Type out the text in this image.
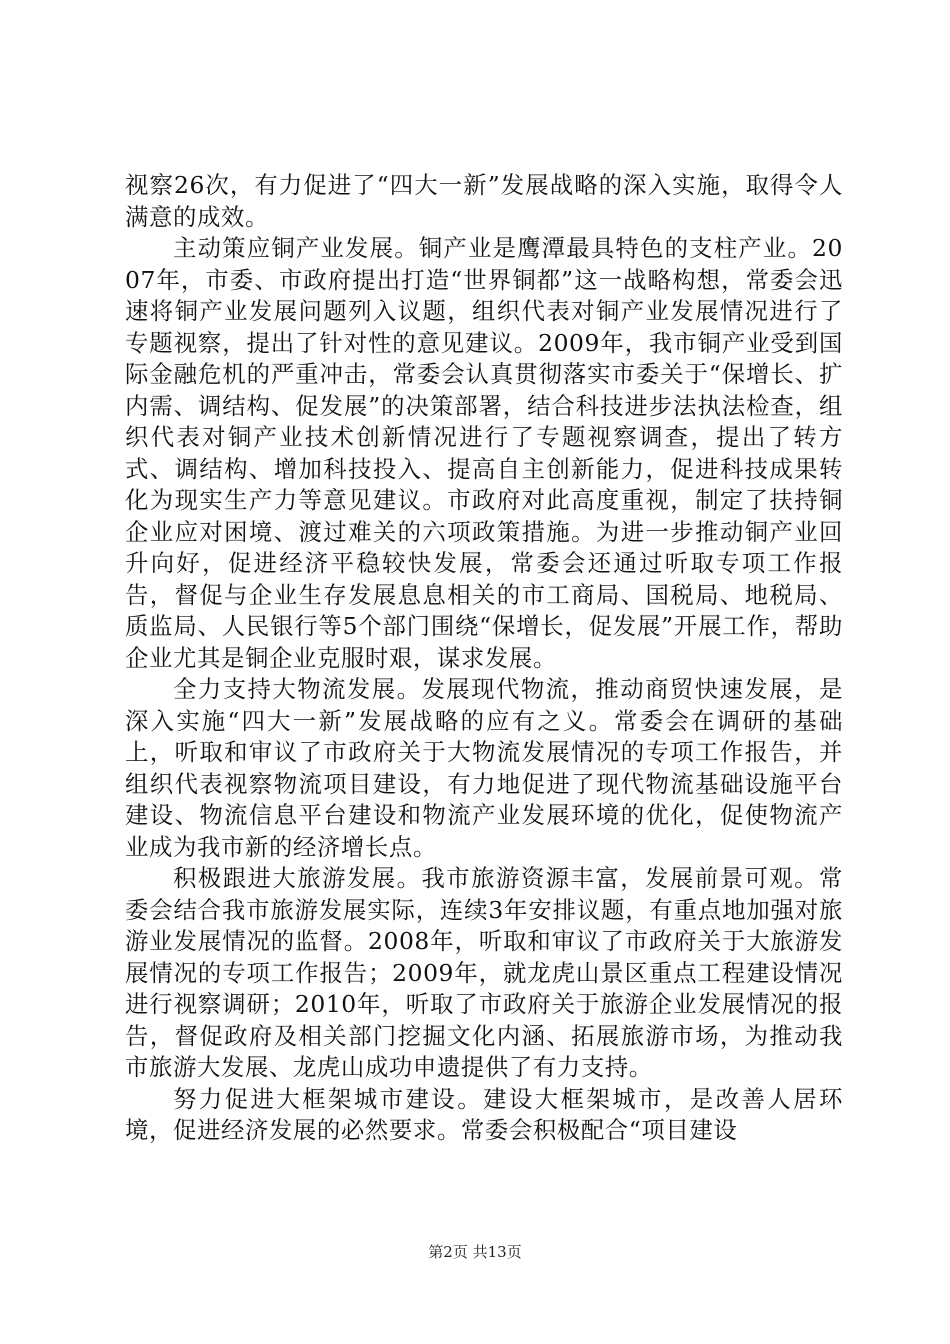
视察26次，有力促进了“四大一新”发展战略的深入实施，取得令人满意的成效。

主动策应铜产业发展。铜产业是鹰潭最具特色的支柱产业。2007年，市委、市政府提出打造“世界铜都”这一战略构想，常委会迅速将铜产业发展问题列入议题，组织代表对铜产业发展情况进行了专题视察，提出了针对性的意见建议。2009年，我市铜产业受到国际金融危机的严重冲击，常委会认真贯彻落实市委关于“保增长、扩内需、调结构、促发展”的决策部署，结合科技进步法执法检查，组织代表对铜产业技术创新情况进行了专题视察调查，提出了转方式、调结构、增加科技投入、提高自主创新能力，促进科技成果转化为现实生产力等意见建议。市政府对此高度重视，制定了扶持铜企业应对困境、渡过难关的六项政策措施。为进一步推动铜产业回升向好，促进经济平稳较快发展，常委会还通过听取专项工作报告，督促与企业生存发展息息相关的市工商局、国税局、地税局、质监局、人民银行等5个部门围绕“保增长，促发展”开展工作，帮助企业尤其是铜企业克服时艰，谋求发展。

全力支持大物流发展。发展现代物流，推动商贸快速发展，是深入实施“四大一新”发展战略的应有之义。常委会在调研的基础上，听取和审议了市政府关于大物流发展情况的专项工作报告，并组织代表视察物流项目建设，有力地促进了现代物流基础设施平台建设、物流信息平台建设和物流产业发展环境的优化，促使物流产业成为我市新的经济增长点。

积极跟进大旅游发展。我市旅游资源丰富，发展前景可观。常委会结合我市旅游发展实际，连续3年安排议题，有重点地加强对旅游业发展情况的监督。2008年，听取和审议了市政府关于大旅游发展情况的专项工作报告；2009年，就龙虎山景区重点工程建设情况进行视察调研；2010年，听取了市政府关于旅游企业发展情况的报告，督促政府及相关部门挖掘文化内涵、拓展旅游市场，为推动我市旅游大发展、龙虎山成功申遗提供了有力支持。

努力促进大框架城市建设。建设大框架城市，是改善人居环境，促进经济发展的必然要求。常委会积极配合“项目建设

第2页 共13页
